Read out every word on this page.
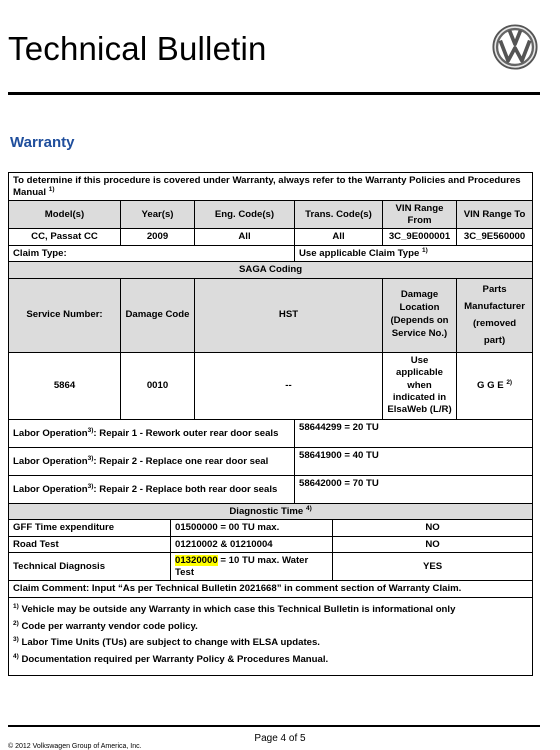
Technical Bulletin
Warranty
To determine if this procedure is covered under Warranty, always refer to the Warranty Policies and Procedures Manual $^{1)}$
Model(s)	Year(s)		Eng. Code(s)	Trans. Code(s)		VIN Range From	VIN Range To
CC, Passat CC	2009		All	All		3C_9E000001	3C_9E560000
Claim Type:				Use applicable Claim Type $^{1)}$
SAGA Coding							
Service Number:	Damage Code		HST			Damage Location (Depends on Service No.)	Parts Manufacturer (removed part)
5864	0010		--			Use applicable when indicated in ElsaWeb (L/R)	G G E $^{2)}$
Labor Operation$^{3)}$: Repair 1 - Rework outer rear door seals				58644299 = 20 TU			
Labor Operation$^{3)}$: Repair 2 - Replace one rear door seal				58641900 = 40 TU			
Labor Operation$^{3)}$: Repair 2 - Replace both rear door seals				58642000 = 70 TU			
Diagnostic Time $^{4)}$
GFF Time expenditure		01500000 = 00 TU max.			NO		
Road Test		01210002 & 01210004			NO		
Technical Diagnosis		01320000 = 10 TU max. Water Test			YES		
Claim Comment: Input “As per Technical Bulletin 2021668” in comment section of Warranty Claim.							

$^{1)}$ Vehicle may be outside any Warranty in which case this Technical Bulletin is informational only
$^{2)}$ Code per warranty vendor code policy.
$^{3)}$ Labor Time Units (TUs) are subject to change with ELSA updates.
$^{4)}$ Documentation required per Warranty Policy & Procedures Manual.							
Page 4 of 5
© 2012 Volkswagen Group of America, Inc.
